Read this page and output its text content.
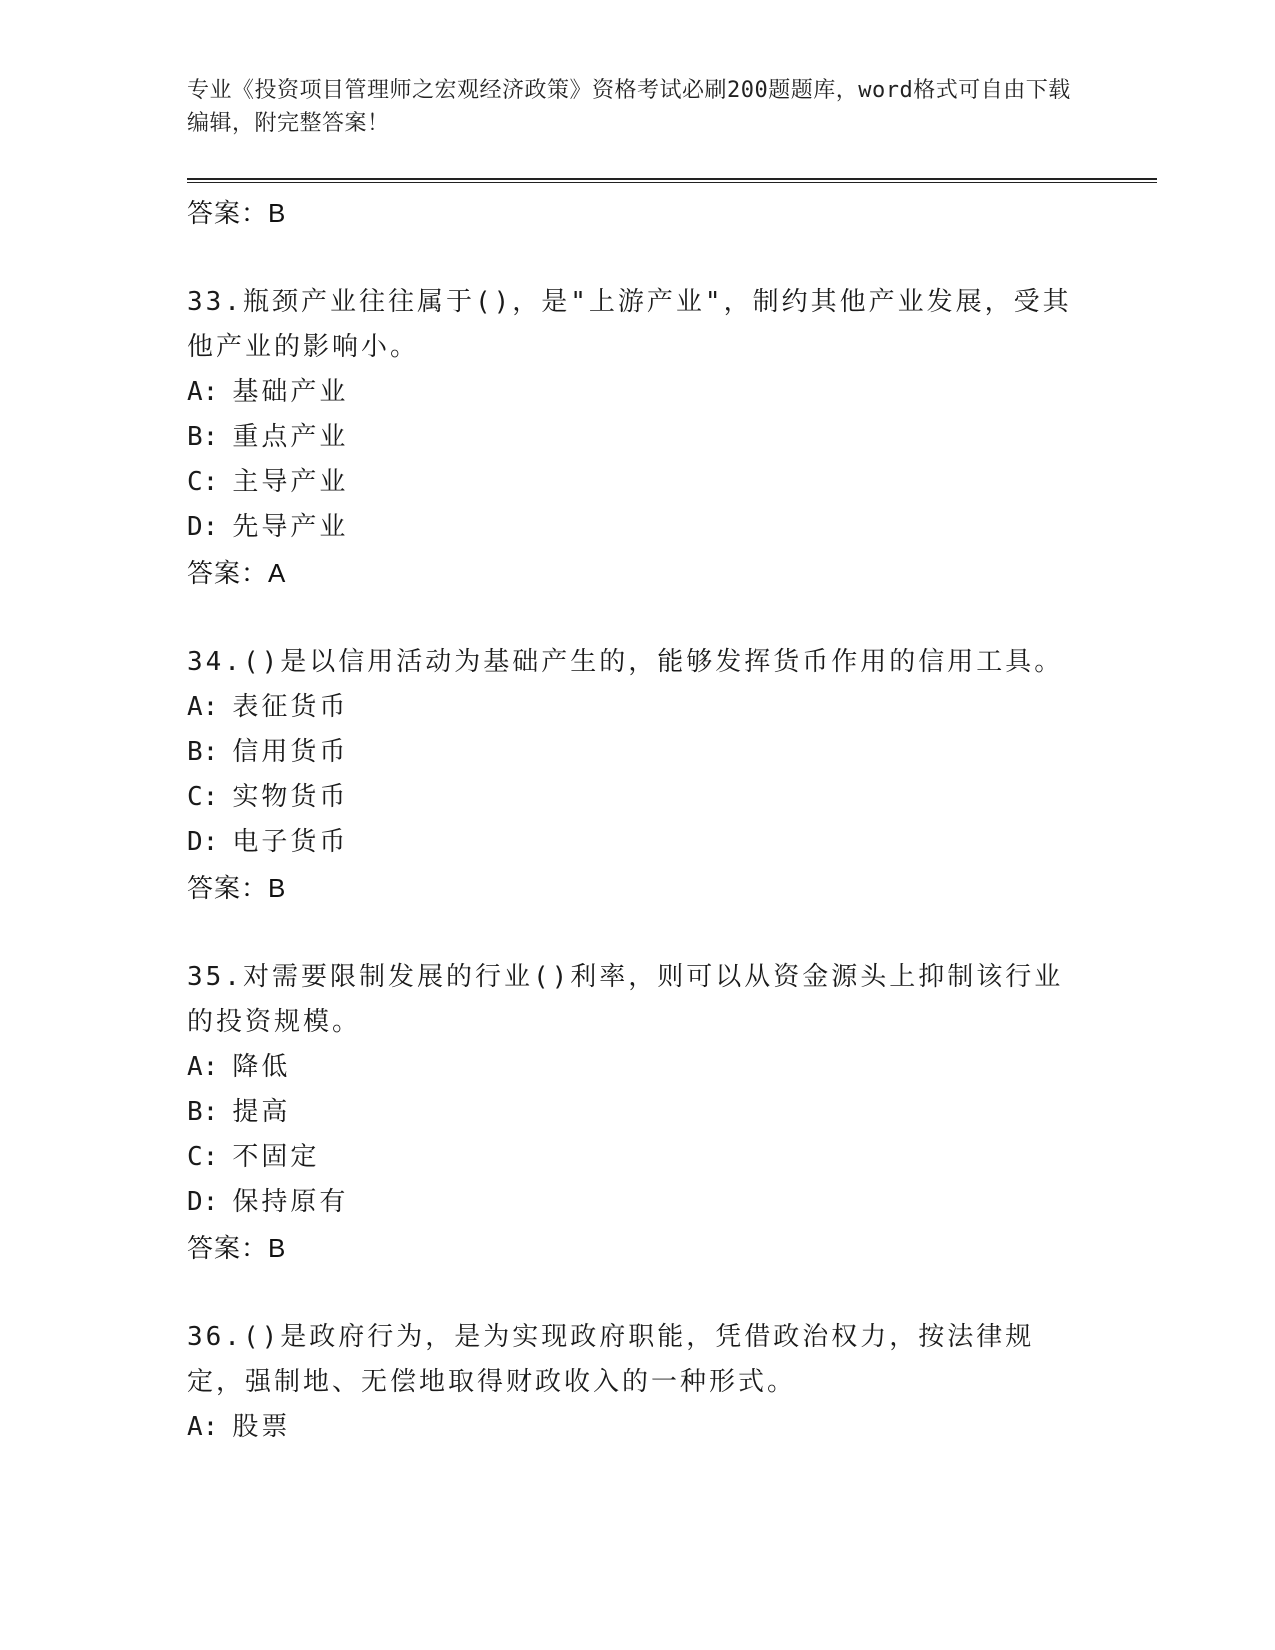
专业《投资项目管理师之宏观经济政策》资格考试必刷200题题库，word格式可自由下载编辑，附完整答案！
答案：B
33.瓶颈产业往往属于()，是"上游产业"，制约其他产业发展，受其他产业的影响小。
A: 基础产业
B: 重点产业
C: 主导产业
D: 先导产业
答案：A
34.()是以信用活动为基础产生的，能够发挥货币作用的信用工具。
A: 表征货币
B: 信用货币
C: 实物货币
D: 电子货币
答案：B
35.对需要限制发展的行业()利率，则可以从资金源头上抑制该行业的投资规模。
A: 降低
B: 提高
C: 不固定
D: 保持原有
答案：B
36.()是政府行为，是为实现政府职能，凭借政治权力，按法律规定，强制地、无偿地取得财政收入的一种形式。
A: 股票
